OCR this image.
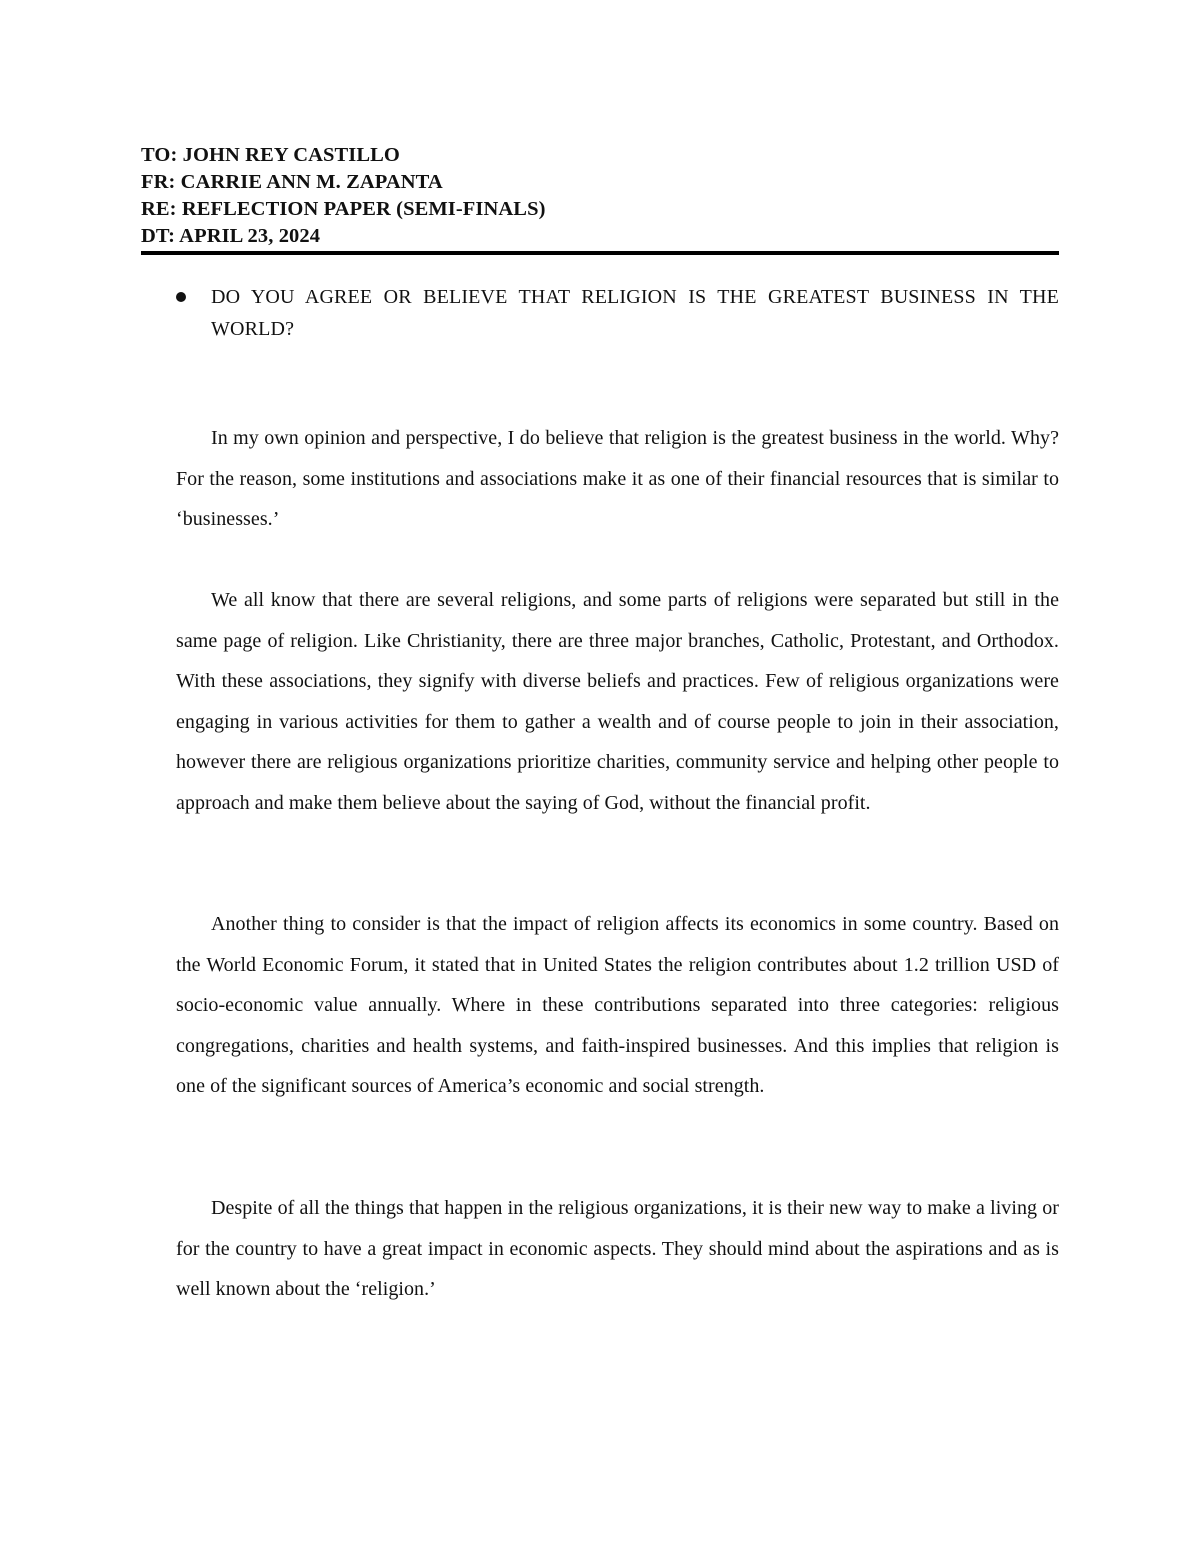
TO: JOHN REY CASTILLO
FR: CARRIE ANN M. ZAPANTA
RE: REFLECTION PAPER (SEMI-FINALS)
DT: APRIL 23, 2024
DO YOU AGREE OR BELIEVE THAT RELIGION IS THE GREATEST BUSINESS IN THE WORLD?

In my own opinion and perspective, I do believe that religion is the greatest business in the world. Why? For the reason, some institutions and associations make it as one of their financial resources that is similar to ‘businesses.’

We all know that there are several religions, and some parts of religions were separated but still in the same page of religion. Like Christianity, there are three major branches, Catholic, Protestant, and Orthodox. With these associations, they signify with diverse beliefs and practices. Few of religious organizations were engaging in various activities for them to gather a wealth and of course people to join in their association, however there are religious organizations prioritize charities, community service and helping other people to approach and make them believe about the saying of God, without the financial profit.

Another thing to consider is that the impact of religion affects its economics in some country. Based on the World Economic Forum, it stated that in United States the religion contributes about 1.2 trillion USD of socio-economic value annually. Where in these contributions separated into three categories: religious congregations, charities and health systems, and faith-inspired businesses. And this implies that religion is one of the significant sources of America’s economic and social strength.

Despite of all the things that happen in the religious organizations, it is their new way to make a living or for the country to have a great impact in economic aspects. They should mind about the aspirations and as is well known about the ‘religion.’
